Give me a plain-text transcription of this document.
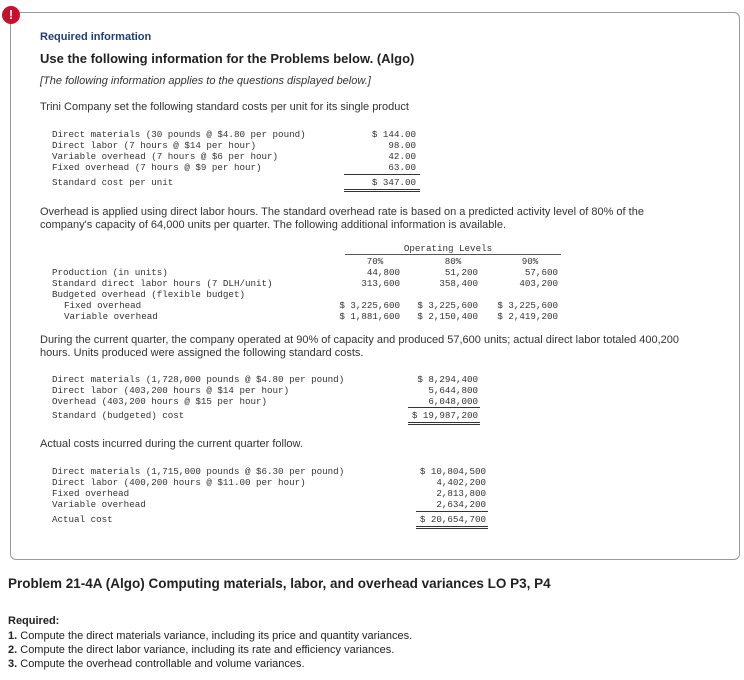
!
Required information
Use the following information for the Problems below. (Algo)
[The following information applies to the questions displayed below.]
Trini Company set the following standard costs per unit for its single product
Direct materials (30 pounds @ $4.80 per pound)	$ 144.00
Direct labor (7 hours @ $14 per hour)	98.00
Variable overhead (7 hours @ $6 per hour)	42.00
Fixed overhead (7 hours @ $9 per hour)	63.00
Standard cost per unit	$ 347.00
Overhead is applied using direct labor hours. The standard overhead rate is based on a predicted activity level of 80% of the company's capacity of 64,000 units per quarter. The following additional information is available.
Operating Levels
70%	80%	90%
Production (in units)	44,800	51,200	57,600
Standard direct labor hours (7 DLH/unit)	313,600	358,400	403,200
Budgeted overhead (flexible budget)
Fixed overhead	$ 3,225,600	$ 3,225,600	$ 3,225,600
Variable overhead	$ 1,881,600	$ 2,150,400	$ 2,419,200
During the current quarter, the company operated at 90% of capacity and produced 57,600 units; actual direct labor totaled 400,200 hours. Units produced were assigned the following standard costs.
Direct materials (1,728,000 pounds @ $4.80 per pound)	$ 8,294,400
Direct labor (403,200 hours @ $14 per hour)	5,644,800
Overhead (403,200 hours @ $15 per hour)	6,048,000
Standard (budgeted) cost	$ 19,987,200
Actual costs incurred during the current quarter follow.
Direct materials (1,715,000 pounds @ $6.30 per pound)	$ 10,804,500
Direct labor (400,200 hours @ $11.00 per hour)	4,402,200
Fixed overhead	2,813,800
Variable overhead	2,634,200
Actual cost	$ 20,654,700
Problem 21-4A (Algo) Computing materials, labor, and overhead variances LO P3, P4
Required:
1. Compute the direct materials variance, including its price and quantity variances.
2. Compute the direct labor variance, including its rate and efficiency variances.
3. Compute the overhead controllable and volume variances.
